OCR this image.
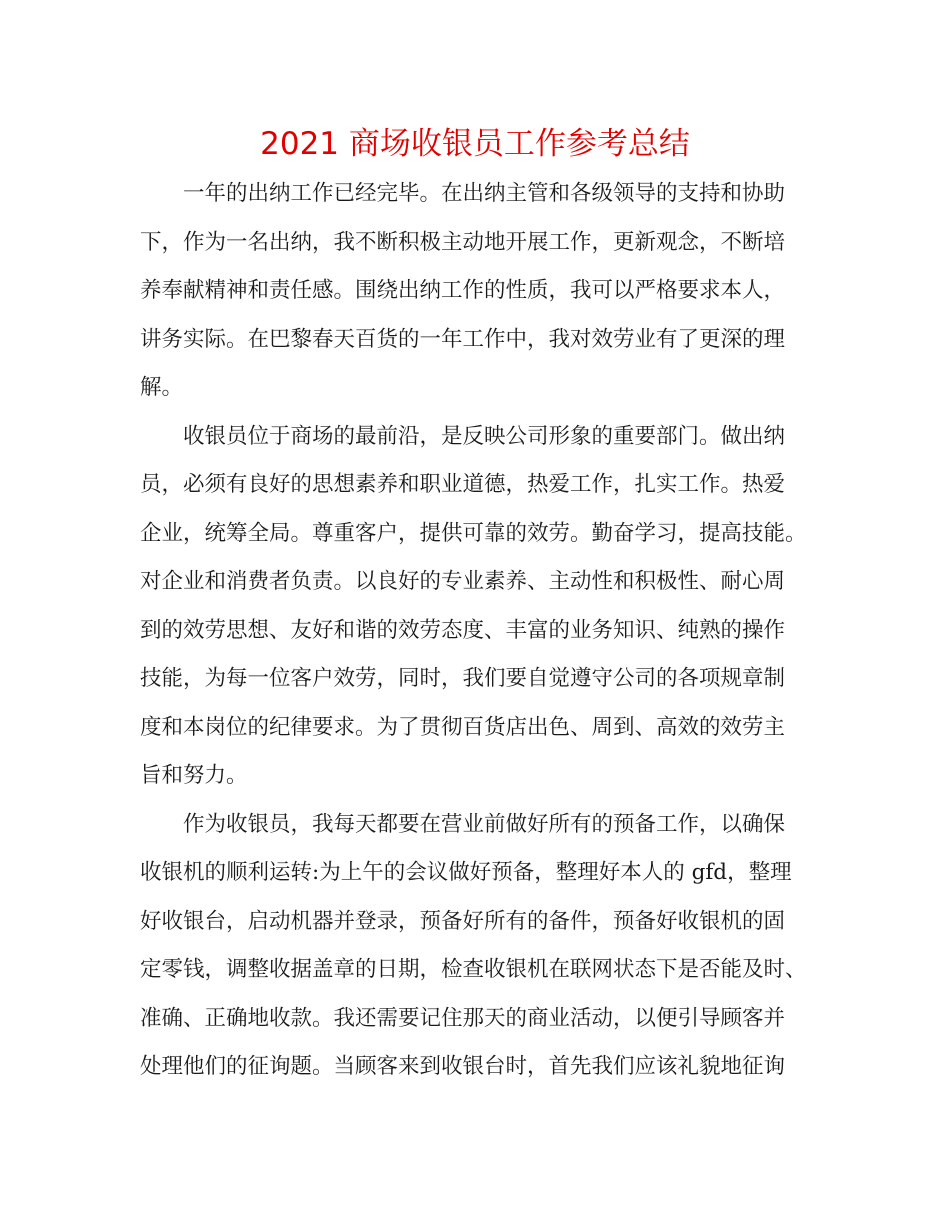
2021 商场收银员工作参考总结
　　一年的出纳工作已经完毕。在出纳主管和各级领导的支持和协助
下，作为一名出纳，我不断积极主动地开展工作，更新观念，不断培
养奉献精神和责任感。围绕出纳工作的性质，我可以严格要求本人，
讲务实际。在巴黎春天百货的一年工作中，我对效劳业有了更深的理
解。
　　收银员位于商场的最前沿，是反映公司形象的重要部门。做出纳
员，必须有良好的思想素养和职业道德，热爱工作，扎实工作。热爱
企业，统筹全局。尊重客户，提供可靠的效劳。勤奋学习，提高技能。
对企业和消费者负责。以良好的专业素养、主动性和积极性、耐心周
到的效劳思想、友好和谐的效劳态度、丰富的业务知识、纯熟的操作
技能，为每一位客户效劳，同时，我们要自觉遵守公司的各项规章制
度和本岗位的纪律要求。为了贯彻百货店出色、周到、高效的效劳主
旨和努力。
　　作为收银员，我每天都要在营业前做好所有的预备工作，以确保
收银机的顺利运转:为上午的会议做好预备，整理好本人的 gfd，整理
好收银台，启动机器并登录，预备好所有的备件，预备好收银机的固
定零钱，调整收据盖章的日期，检查收银机在联网状态下是否能及时、
准确、正确地收款。我还需要记住那天的商业活动，以便引导顾客并
处理他们的征询题。当顾客来到收银台时，首先我们应该礼貌地征询
